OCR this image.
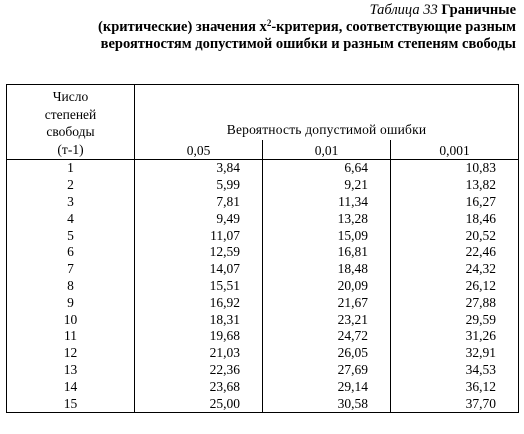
Таблица 33 Граничные
(критические) значения $x^2$-критерия, соответствующие разным
вероятностям допустимой ошибки и разным степеням свободы
Число
степеней
свободы
(т-1)	Вероятность допустимой ошибки		
	0,05	0,01	0,001
1	3,84	6,64	10,83
2	5,99	9,21	13,82
3	7,81	11,34	16,27
4	9,49	13,28	18,46
5	11,07	15,09	20,52
6	12,59	16,81	22,46
7	14,07	18,48	24,32
8	15,51	20,09	26,12
9	16,92	21,67	27,88
10	18,31	23,21	29,59
11	19,68	24,72	31,26
12	21,03	26,05	32,91
13	22,36	27,69	34,53
14	23,68	29,14	36,12
15	25,00	30,58	37,70
